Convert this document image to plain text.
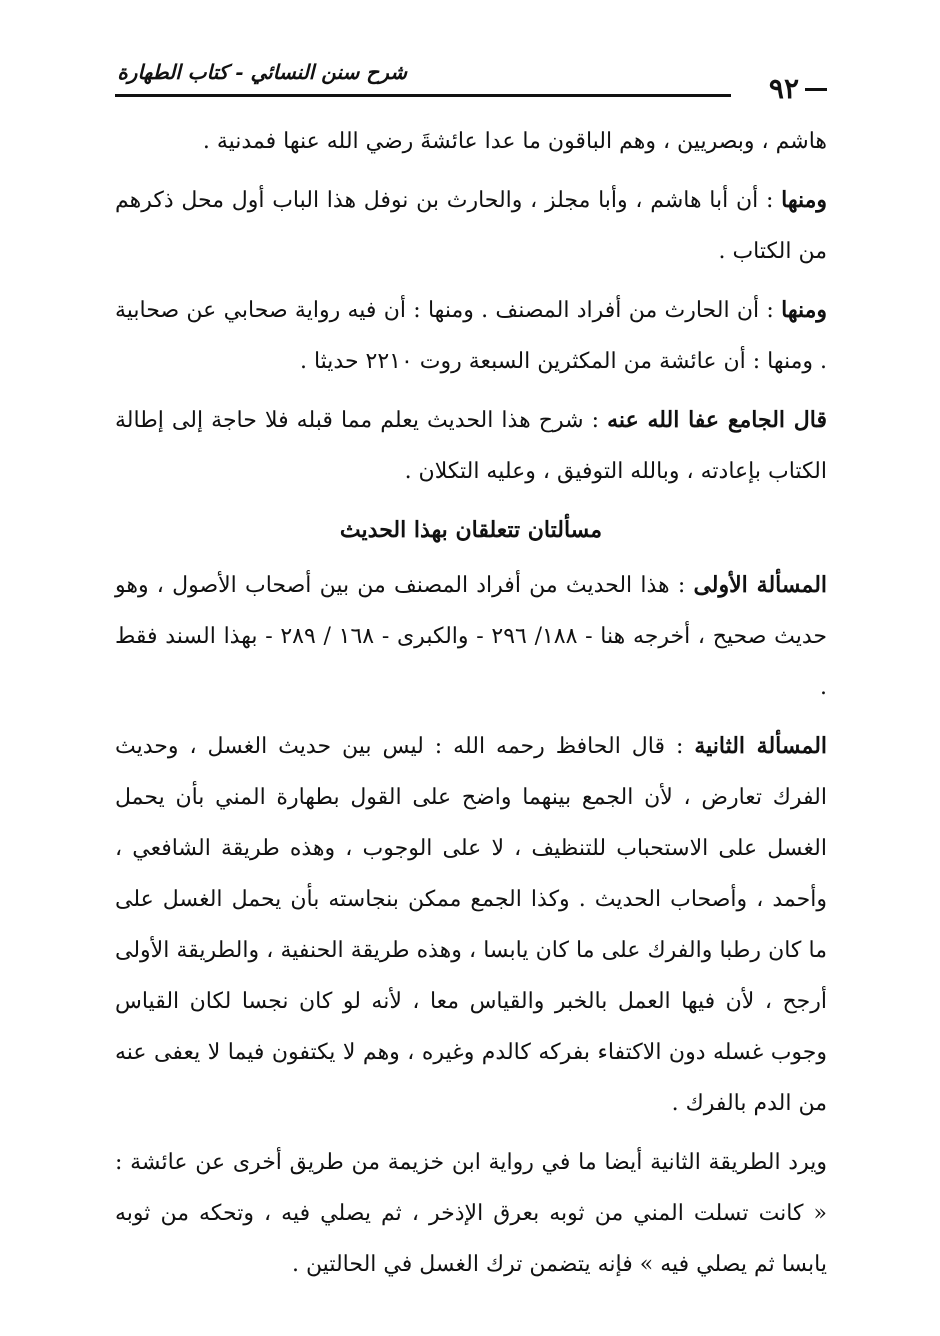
شرح سنن النسائي - كتاب الطهارة	٩٢

هاشم ، وبصريين ، وهم الباقون ما عدا عائشةَ رضي الله عنها فمدنية .

ومنها : أن أبا هاشم ، وأبا مجلز ، والحارث بن نوفل هذا الباب أول محل ذكرهم من الكتاب .

ومنها : أن الحارث من أفراد المصنف . ومنها : أن فيه رواية صحابي عن صحابية . ومنها : أن عائشة من المكثرين السبعة روت ٢٢١٠ حديثا .

قال الجامع عفا الله عنه : شرح هذا الحديث يعلم مما قبله فلا حاجة إلى إطالة الكتاب بإعادته ، وبالله التوفيق ، وعليه التكلان .

مسألتان تتعلقان بهذا الحديث

المسألة الأولى : هذا الحديث من أفراد المصنف من بين أصحاب الأصول ، وهو حديث صحيح ، أخرجه هنا - ١٨٨/ ٢٩٦ - والكبرى - ١٦٨ / ٢٨٩ - بهذا السند فقط .

المسألة الثانية : قال الحافظ رحمه الله : ليس بين حديث الغسل ، وحديث الفرك تعارض ، لأن الجمع بينهما واضح على القول بطهارة المني بأن يحمل الغسل على الاستحباب للتنظيف ، لا على الوجوب ، وهذه طريقة الشافعي ، وأحمد ، وأصحاب الحديث . وكذا الجمع ممكن بنجاسته بأن يحمل الغسل على ما كان رطبا والفرك على ما كان يابسا ، وهذه طريقة الحنفية ، والطريقة الأولى أرجح ، لأن فيها العمل بالخبر والقياس معا ، لأنه لو كان نجسا لكان القياس وجوب غسله دون الاكتفاء بفركه كالدم وغيره ، وهم لا يكتفون فيما لا يعفى عنه من الدم بالفرك .

ويرد الطريقة الثانية أيضا ما في رواية ابن خزيمة من طريق أخرى عن عائشة : « كانت تسلت المني من ثوبه بعرق الإذخر ، ثم يصلي فيه ، وتحكه من ثوبه يابسا ثم يصلي فيه » فإنه يتضمن ترك الغسل في الحالتين .
